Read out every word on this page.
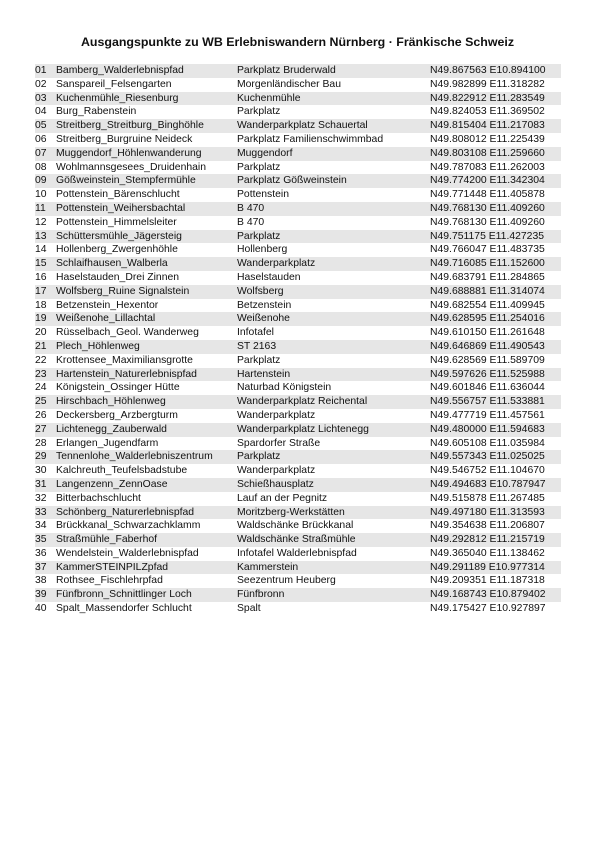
Ausgangspunkte zu WB Erlebniswandern Nürnberg · Fränkische Schweiz
01 Bamberg_Walderlebnispfad	Parkplatz Bruderwald	N49.867563 E10.894100
02 Sanspareil_Felsengarten	Morgenländischer Bau	N49.982899 E11.318282
03 Kuchenmühle_Riesenburg	Kuchenmühle	N49.822912 E11.283549
04 Burg_Rabenstein	Parkplatz	N49.824053 E11.369502
05 Streitberg_Streitburg_Binghöhle	Wanderparkplatz Schauertal	N49.815404 E11.217083
06 Streitberg_Burgruine Neideck	Parkplatz Familienschwimmbad	N49.808012 E11.225439
07 Muggendorf_Höhlenwanderung	Muggendorf	N49.803108 E11.259660
08 Wohlmannsgesees_Druidenhain	Parkplatz	N49.787083 E11.262003
09 Gößweinstein_Stempfermühle	Parkplatz Gößweinstein	N49.774200 E11.342304
10 Pottenstein_Bärenschlucht	Pottenstein	N49.771448 E11.405878
11 Pottenstein_Weihersbachtal	B 470	N49.768130 E11.409260
12 Pottenstein_Himmelsleiter	B 470	N49.768130 E11.409260
13 Schüttersmühle_Jägersteig	Parkplatz	N49.751175 E11.427235
14 Hollenberg_Zwergenhöhle	Hollenberg	N49.766047 E11.483735
15 Schlaifhausen_Walberla	Wanderparkplatz	N49.716085 E11.152600
16 Haselstauden_Drei Zinnen	Haselstauden	N49.683791 E11.284865
17 Wolfsberg_Ruine Signalstein	Wolfsberg	N49.688881 E11.314074
18 Betzenstein_Hexentor	Betzenstein	N49.682554 E11.409945
19 Weißenohe_Lillachtal	Weißenohe	N49.628595 E11.254016
20 Rüsselbach_Geol. Wanderweg	Infotafel	N49.610150 E11.261648
21 Plech_Höhlenweg	ST 2163	N49.646869 E11.490543
22 Krottensee_Maximiliansgrotte	Parkplatz	N49.628569 E11.589709
23 Hartenstein_Naturerlebnispfad	Hartenstein	N49.597626 E11.525988
24 Königstein_Ossinger Hütte	Naturbad Königstein	N49.601846 E11.636044
25 Hirschbach_Höhlenweg	Wanderparkplatz Reichental	N49.556757 E11.533881
26 Deckersberg_Arzbergturm	Wanderparkplatz	N49.477719 E11.457561
27 Lichtenegg_Zauberwald	Wanderparkplatz Lichtenegg	N49.480000 E11.594683
28 Erlangen_Jugendfarm	Spardorfer Straße	N49.605108 E11.035984
29 Tennenlohe_Walderlebniszentrum	Parkplatz	N49.557343 E11.025025
30 Kalchreuth_Teufelsbadstube	Wanderparkplatz	N49.546752 E11.104670
31 Langenzenn_ZennOase	Schießhausplatz	N49.494683 E10.787947
32 Bitterbachschlucht	Lauf an der Pegnitz	N49.515878 E11.267485
33 Schönberg_Naturerlebnispfad	Moritzberg-Werkstätten	N49.497180 E11.313593
34 Brückkanal_Schwarzachklamm	Waldschänke Brückkanal	N49.354638 E11.206807
35 Straßmühle_Faberhof	Waldschänke Straßmühle	N49.292812 E11.215719
36 Wendelstein_Walderlebnispfad	Infotafel Walderlebnispfad	N49.365040 E11.138462
37 KammerSTEINPILZpfad	Kammerstein	N49.291189 E10.977314
38 Rothsee_Fischlehrpfad	Seezentrum Heuberg	N49.209351 E11.187318
39 Fünfbronn_Schnittlinger Loch	Fünfbronn	N49.168743 E10.879402
40 Spalt_Massendorfer Schlucht	Spalt	N49.175427 E10.927897
